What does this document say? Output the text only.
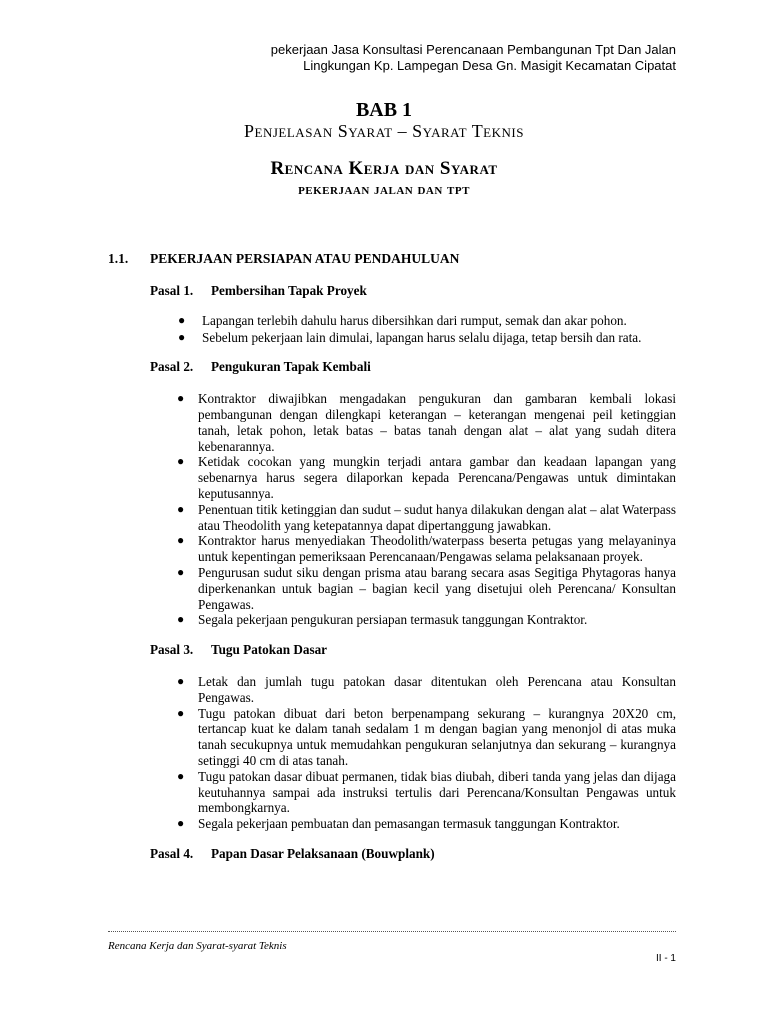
pekerjaan Jasa Konsultasi Perencanaan Pembangunan Tpt Dan Jalan
Lingkungan Kp. Lampegan Desa Gn. Masigit Kecamatan Cipatat
BAB 1
Penjelasan Syarat – Syarat Teknis
Rencana Kerja dan Syarat
pekerjaan jalan dan tpt
1.1. PEKERJAAN PERSIAPAN ATAU PENDAHULUAN

Pasal 1. Pembersihan Tapak Proyek

● Lapangan terlebih dahulu harus dibersihkan dari rumput, semak dan akar pohon.
● Sebelum pekerjaan lain dimulai, lapangan harus selalu dijaga, tetap bersih dan rata.

Pasal 2. Pengukuran Tapak Kembali

● Kontraktor diwajibkan mengadakan pengukuran dan gambaran kembali lokasi pembangunan dengan dilengkapi keterangan – keterangan mengenai peil ketinggian tanah, letak pohon, letak batas – batas tanah dengan alat – alat yang sudah ditera kebenarannya.
● Ketidak cocokan yang mungkin terjadi antara gambar dan keadaan lapangan yang sebenarnya harus segera dilaporkan kepada Perencana/Pengawas untuk dimintakan keputusannya.
● Penentuan titik ketinggian dan sudut – sudut hanya dilakukan dengan alat – alat Waterpass atau Theodolith yang ketepatannya dapat dipertanggung jawabkan.
● Kontraktor harus menyediakan Theodolith/waterpass beserta petugas yang melayaninya untuk kepentingan pemeriksaan Perencanaan/Pengawas selama pelaksanaan proyek.
● Pengurusan sudut siku dengan prisma atau barang secara asas Segitiga Phytagoras hanya diperkenankan untuk bagian – bagian kecil yang disetujui oleh Perencana/ Konsultan Pengawas.
● Segala pekerjaan pengukuran persiapan termasuk tanggungan Kontraktor.

Pasal 3. Tugu Patokan Dasar

● Letak dan jumlah tugu patokan dasar ditentukan oleh Perencana atau Konsultan Pengawas.
● Tugu patokan dibuat dari beton berpenampang sekurang – kurangnya 20X20 cm, tertancap kuat ke dalam tanah sedalam 1 m dengan bagian yang menonjol di atas muka tanah secukupnya untuk memudahkan pengukuran selanjutnya dan sekurang – kurangnya setinggi 40 cm di atas tanah.
● Tugu patokan dasar dibuat permanen, tidak bias diubah, diberi tanda yang jelas dan dijaga keutuhannya sampai ada instruksi tertulis dari Perencana/Konsultan Pengawas untuk membongkarnya.
● Segala pekerjaan pembuatan dan pemasangan termasuk tanggungan Kontraktor.

Pasal 4. Papan Dasar Pelaksanaan (Bouwplank)

Rencana Kerja dan Syarat-syarat Teknis
II - 1
